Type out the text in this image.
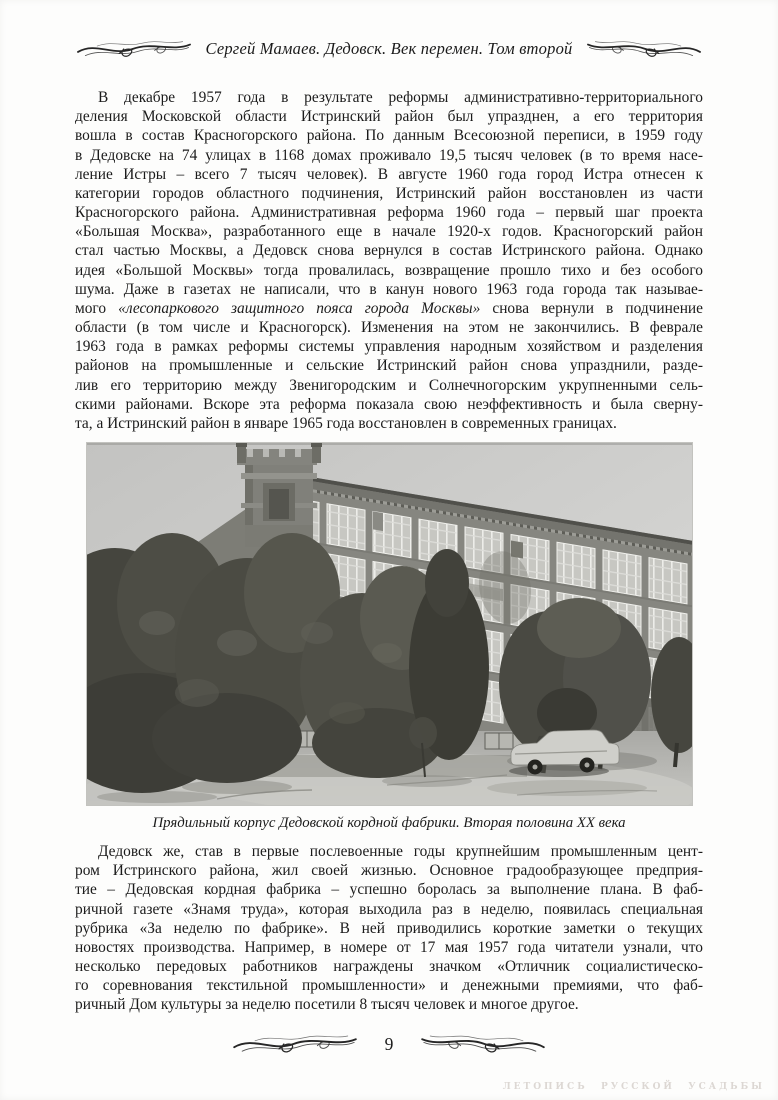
Сергей Мамаев. Дедовск. Век перемен. Том второй
В декабре 1957 года в результате реформы административно-территориального
деления Московской области Истринский район был упразднен, а его территория
вошла в состав Красногорского района. По данным Всесоюзной переписи, в 1959 году
в Дедовске на 74 улицах в 1168 домах проживало 19,5 тысяч человек (в то время насе-
ление Истры – всего 7 тысяч человек). В августе 1960 года город Истра отнесен к
категории городов областного подчинения, Истринский район восстановлен из части
Красногорского района. Административная реформа 1960 года – первый шаг проекта
«Большая Москва», разработанного еще в начале 1920-х годов. Красногорский район
стал частью Москвы, а Дедовск снова вернулся в состав Истринского района. Однако
идея «Большой Москвы» тогда провалилась, возвращение прошло тихо и без особого
шума. Даже в газетах не написали, что в канун нового 1963 года города так называе-
мого «лесопаркового защитного пояса города Москвы» снова вернули в подчинение
области (в том числе и Красногорск). Изменения на этом не закончились. В феврале
1963 года в рамках реформы системы управления народным хозяйством и разделения
районов на промышленные и сельские Истринский район снова упразднили, разде-
лив его территорию между Звенигородским и Солнечногорским укрупненными сель-
скими районами. Вскоре эта реформа показала свою неэффективность и была сверну-
та, а Истринский район в январе 1965 года восстановлен в современных границах.
Прядильный корпус Дедовской кордной фабрики. Вторая половина ХХ века
Дедовск же, став в первые послевоенные годы крупнейшим промышленным цент-
ром Истринского района, жил своей жизнью. Основное градообразующее предприя-
тие – Дедовская кордная фабрика – успешно боролась за выполнение плана. В фаб-
ричной газете «Знамя труда», которая выходила раз в неделю, появилась специальная
рубрика «За неделю по фабрике». В ней приводились короткие заметки о текущих
новостях производства. Например, в номере от 17 мая 1957 года читатели узнали, что
несколько передовых работников награждены значком «Отличник социалистическо-
го соревнования текстильной промышленности» и денежными премиями, что фаб-
ричный Дом культуры за неделю посетили 8 тысяч человек и многое другое.
9
летопись русской усадьбы
